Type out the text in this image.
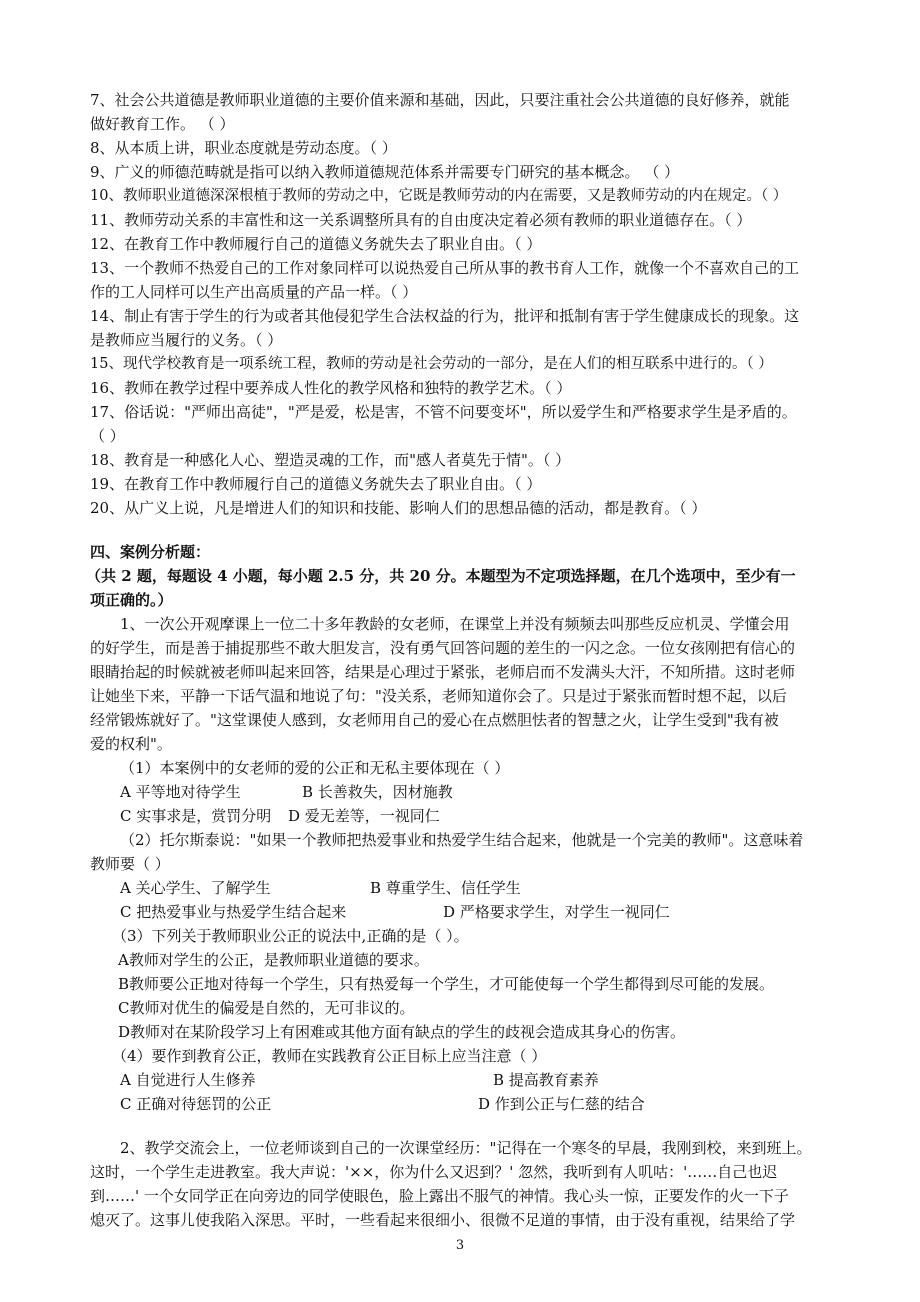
7、社会公共道德是教师职业道德的主要价值来源和基础，因此，只要注重社会公共道德的良好修养，就能
做好教育工作。 （ ）
8、从本质上讲，职业态度就是劳动态度。（ ）
9、广义的师德范畴就是指可以纳入教师道德规范体系并需要专门研究的基本概念。 （ ）
10、教师职业道德深深根植于教师的劳动之中，它既是教师劳动的内在需要，又是教师劳动的内在规定。（ ）
11、教师劳动关系的丰富性和这一关系调整所具有的自由度决定着必须有教师的职业道德存在。（ ）
12、在教育工作中教师履行自己的道德义务就失去了职业自由。（ ）
13、一个教师不热爱自己的工作对象同样可以说热爱自己所从事的教书育人工作，就像一个不喜欢自己的工
作的工人同样可以生产出高质量的产品一样。（ ）
14、制止有害于学生的行为或者其他侵犯学生合法权益的行为，批评和抵制有害于学生健康成长的现象。这
是教师应当履行的义务。（ ）
15、现代学校教育是一项系统工程，教师的劳动是社会劳动的一部分，是在人们的相互联系中进行的。（ ）
16、教师在教学过程中要养成人性化的教学风格和独特的教学艺术。（ ）
17、俗话说："严师出高徒"，"严是爱，松是害，不管不问要变坏"，所以爱学生和严格要求学生是矛盾的。
（ ）
18、教育是一种感化人心、塑造灵魂的工作，而"感人者莫先于情"。（ ）
19、在教育工作中教师履行自己的道德义务就失去了职业自由。（ ）
20、从广义上说，凡是增进人们的知识和技能、影响人们的思想品德的活动，都是教育。（ ）
四、案例分析题：
（共 2 题，每题设 4 小题，每小题 2.5 分，共 20 分。本题型为不定项选择题，在几个选项中，至少有一
项正确的。）
1、一次公开观摩课上一位二十多年教龄的女老师，在课堂上并没有频频去叫那些反应机灵、学懂会用
的好学生，而是善于捕捉那些不敢大胆发言，没有勇气回答问题的差生的一闪之念。一位女孩刚把有信心的
眼睛抬起的时候就被老师叫起来回答，结果是心理过于紧张，老师启而不发满头大汗，不知所措。这时老师
让她坐下来，平静一下话气温和地说了句："没关系，老师知道你会了。只是过于紧张而暂时想不起，以后
经常锻炼就好了。"这堂课使人感到，女老师用自己的爱心在点燃胆怯者的智慧之火，让学生受到"我有被
爱的权利"。
（1）本案例中的女老师的爱的公正和无私主要体现在（ ）
A 平等地对待学生	B 长善救失，因材施教
C 实事求是，赏罚分明 D 爱无差等，一视同仁
（2）托尔斯泰说："如果一个教师把热爱事业和热爱学生结合起来，他就是一个完美的教师"。这意味着
教师要（ ）
A 关心学生、了解学生	B 尊重学生、信任学生
C 把热爱事业与热爱学生结合起来	D 严格要求学生，对学生一视同仁
（3）下列关于教师职业公正的说法中,正确的是（ ）。
A教师对学生的公正，是教师职业道德的要求。
B教师要公正地对待每一个学生，只有热爱每一个学生，才可能使每一个学生都得到尽可能的发展。
C教师对优生的偏爱是自然的，无可非议的。
D教师对在某阶段学习上有困难或其他方面有缺点的学生的歧视会造成其身心的伤害。
（4）要作到教育公正，教师在实践教育公正目标上应当注意（ ）
A 自觉进行人生修养	B 提高教育素养
C 正确对待惩罚的公正	D 作到公正与仁慈的结合
2、教学交流会上，一位老师谈到自己的一次课堂经历："记得在一个寒冬的早晨，我刚到校，来到班上。
这时，一个学生走进教室。我大声说：'××，你为什么又迟到？' 忽然，我听到有人叽咕：'……自己也迟
到……' 一个女同学正在向旁边的同学使眼色，脸上露出不服气的神情。我心头一惊，正要发作的火一下子
熄灭了。这事儿使我陷入深思。平时，一些看起来很细小、很微不足道的事情，由于没有重视，结果给了学
3
